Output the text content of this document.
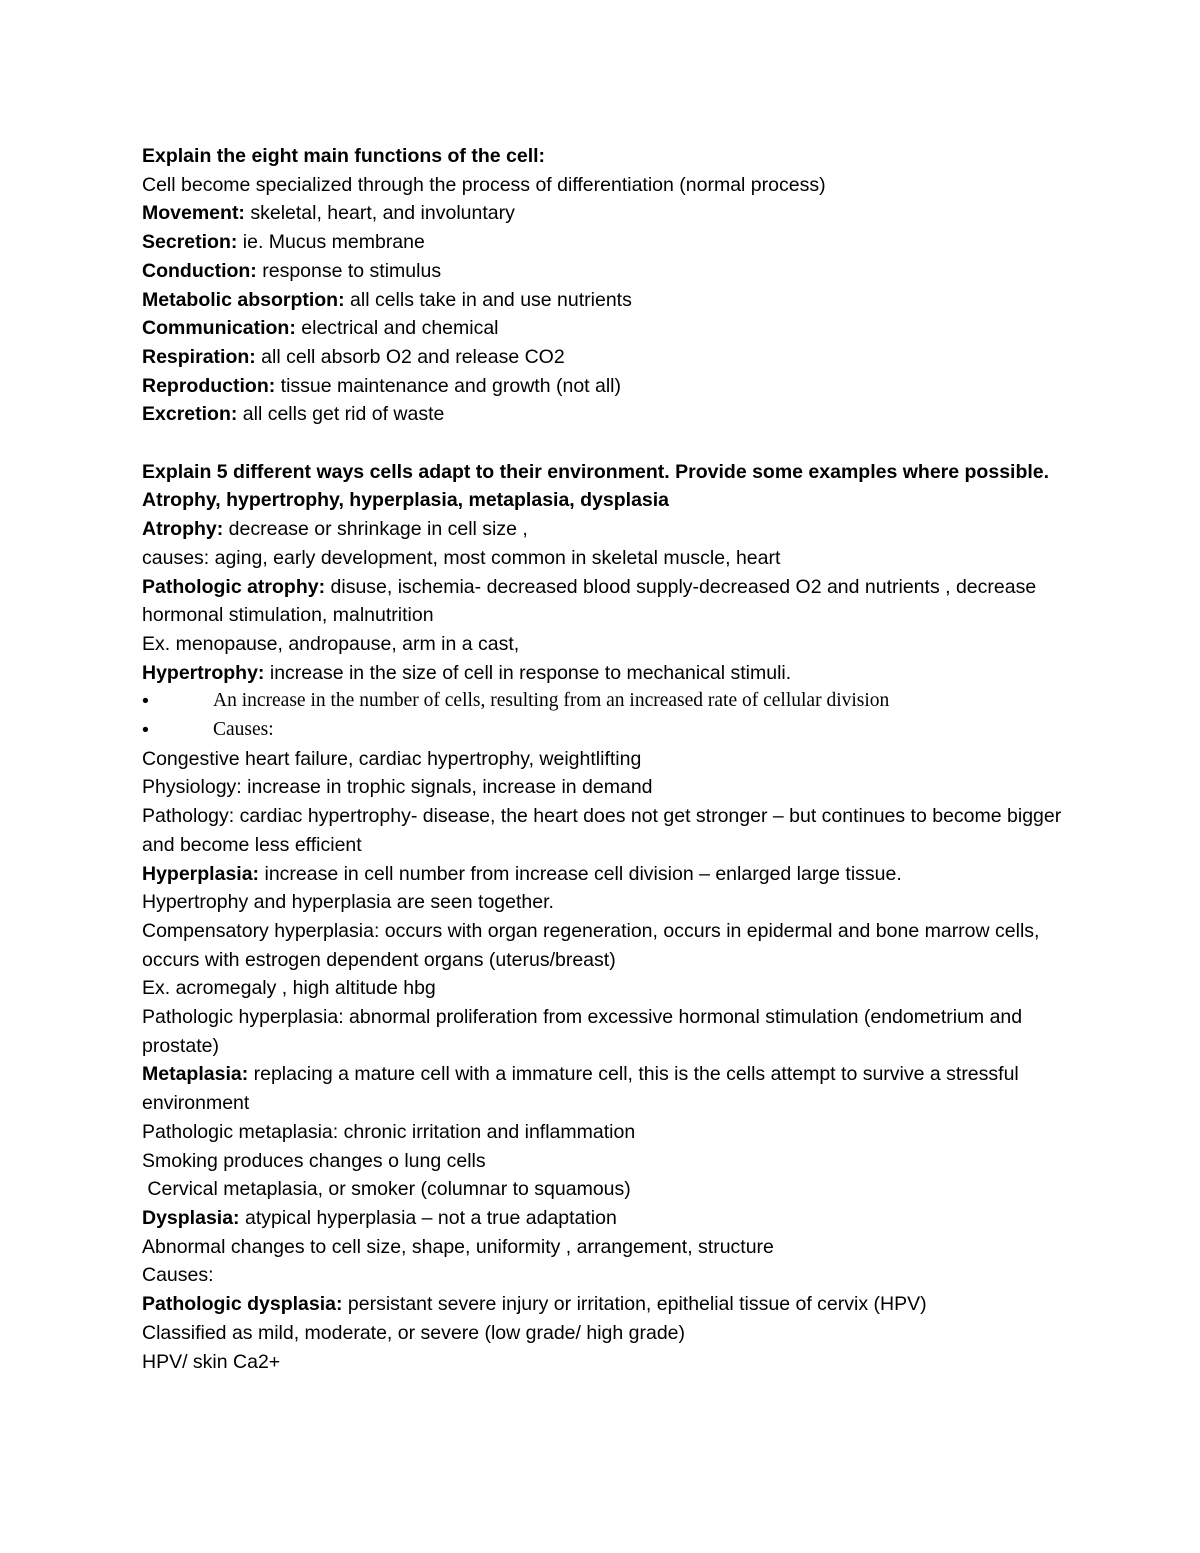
Explain the eight main functions of the cell:
Cell become specialized through the process of differentiation (normal process)
Movement: skeletal, heart, and involuntary
Secretion: ie. Mucus membrane
Conduction: response to stimulus
Metabolic absorption: all cells take in and use nutrients
Communication: electrical and chemical
Respiration: all cell absorb O2 and release CO2
Reproduction: tissue maintenance and growth (not all)
Excretion: all cells get rid of waste
Explain 5 different ways cells adapt to their environment. Provide some examples where possible.
Atrophy, hypertrophy, hyperplasia, metaplasia, dysplasia
Atrophy: decrease or shrinkage in cell size ,
causes: aging, early development, most common in skeletal muscle, heart
Pathologic atrophy: disuse, ischemia- decreased blood supply-decreased O2 and nutrients , decrease hormonal stimulation, malnutrition
Ex. menopause, andropause, arm in a cast,
Hypertrophy: increase in the size of cell in response to mechanical stimuli.
•	An increase in the number of cells, resulting from an increased rate of cellular division
•	Causes:
Congestive heart failure, cardiac hypertrophy, weightlifting
Physiology: increase in trophic signals, increase in demand
Pathology: cardiac hypertrophy- disease, the heart does not get stronger – but continues to become bigger and become less efficient
Hyperplasia: increase in cell number from increase cell division – enlarged large tissue.
Hypertrophy and hyperplasia are seen together.
Compensatory hyperplasia: occurs with organ regeneration, occurs in epidermal and bone marrow cells, occurs with estrogen dependent organs (uterus/breast)
Ex. acromegaly , high altitude hbg
Pathologic hyperplasia: abnormal proliferation from excessive hormonal stimulation (endometrium and prostate)
Metaplasia: replacing a mature cell with a immature cell, this is the cells attempt to survive a stressful environment
Pathologic metaplasia: chronic irritation and inflammation
Smoking produces changes o lung cells
Cervical metaplasia, or smoker (columnar to squamous)
Dysplasia: atypical hyperplasia – not a true adaptation
Abnormal changes to cell size, shape, uniformity , arrangement, structure
Causes:
Pathologic dysplasia: persistant severe injury or irritation, epithelial tissue of cervix (HPV)
Classified as mild, moderate, or severe (low grade/ high grade)
HPV/ skin Ca2+
